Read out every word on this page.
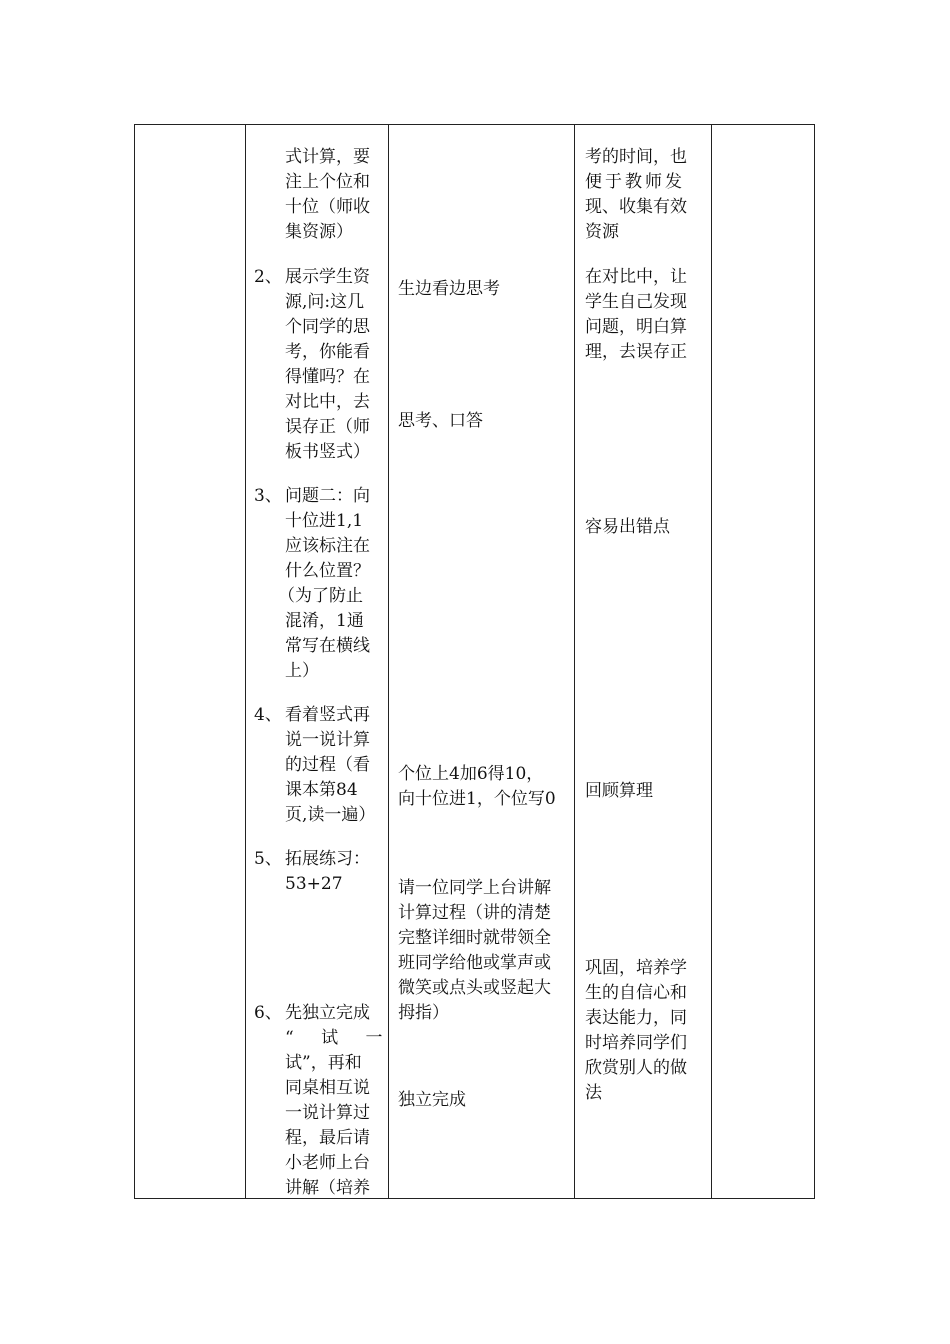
式计算，要
注上个位和
十位（师收
集资源）
2、 展示学生资
源,问:这几
个同学的思
考，你能看
得懂吗？在
对比中，去
误存正（师
板书竖式）
3、 问题二：向
十位进1,1
应该标注在
什么位置？
（为了防止
混淆，1通
常写在横线
上）
4、 看着竖式再
说一说计算
的过程（看
课本第84
页,读一遍）
5、 拓展练习：
53+27
6、 先独立完成
“ 试 一
试”，再和
同桌相互说
一说计算过
程，最后请
小老师上台
讲解（培养
生边看边思考
思考、口答
个位上4加6得10，
向十位进1，个位写0
请一位同学上台讲解
计算过程（讲的清楚
完整详细时就带领全
班同学给他或掌声或
微笑或点头或竖起大
拇指）
独立完成
考的时间，也
便于教师发
现、收集有效
资源
在对比中，让
学生自己发现
问题，明白算
理，去误存正
容易出错点
回顾算理
巩固，培养学
生的自信心和
表达能力，同
时培养同学们
欣赏别人的做
法
